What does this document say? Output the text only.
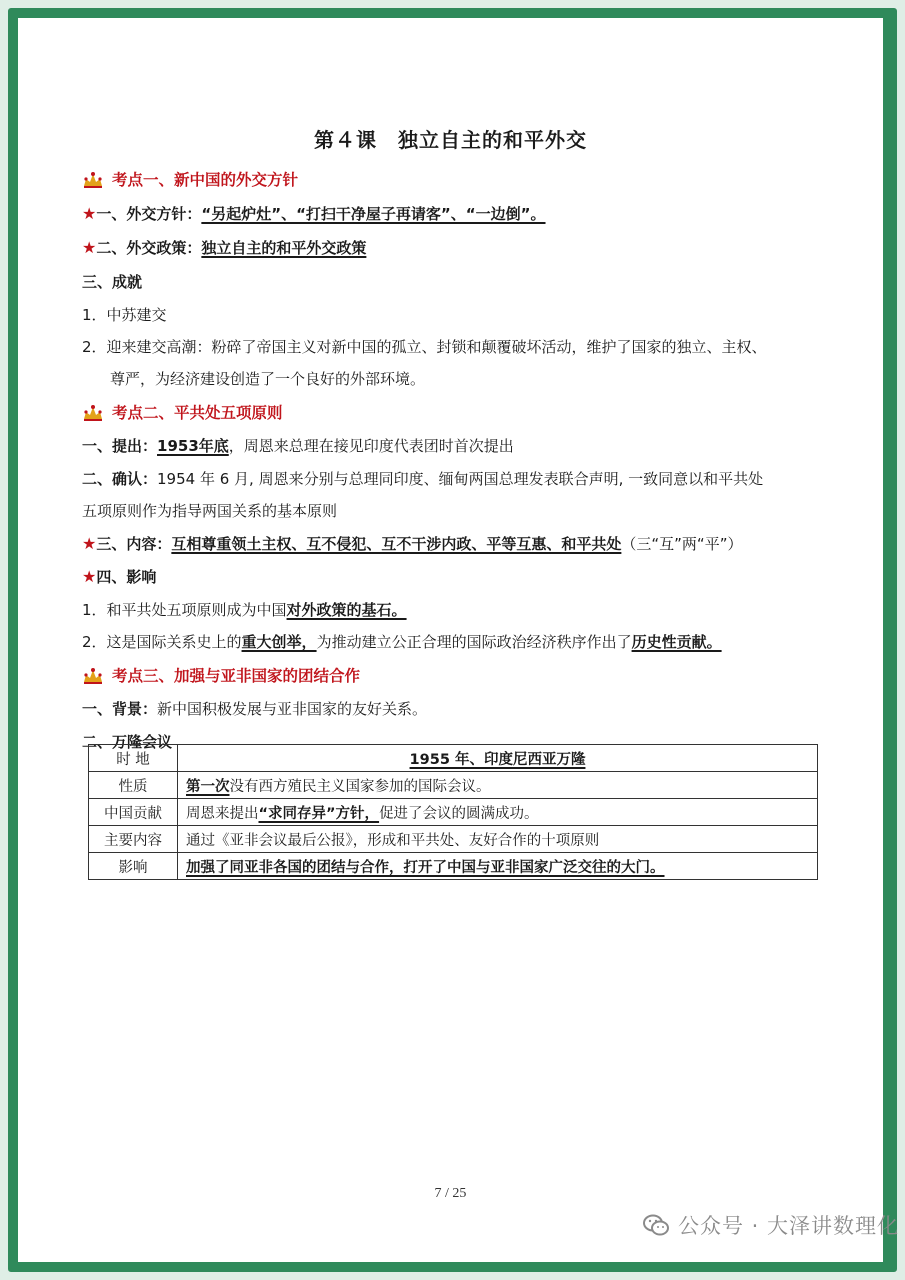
第４课　独立自主的和平外交
考点一、新中国的外交方针
★一、外交方针：“另起炉灶”、“打扫干净屋子再请客”、“一边倒”。
★二、外交政策：独立自主的和平外交政策
三、成就
1．中苏建交
2．迎来建交高潮：粉碎了帝国主义对新中国的孤立、封锁和颠覆破坏活动，维护了国家的独立、主权、
尊严，为经济建设创造了一个良好的外部环境。
考点二、平共处五项原则
一、提出：1953年底，周恩来总理在接见印度代表团时首次提出
二、确认：1954 年 6 月, 周恩来分别与总理同印度、缅甸两国总理发表联合声明, 一致同意以和平共处
五项原则作为指导两国关系的基本原则
★三、内容：互相尊重领土主权、互不侵犯、互不干涉内政、平等互惠、和平共处（三“互”两“平”）
★四、影响
1．和平共处五项原则成为中国对外政策的基石。
2．这是国际关系史上的重大创举，为推动建立公正合理的国际政治经济秩序作出了历史性贡献。
考点三、加强与亚非国家的团结合作
一、背景：新中国积极发展与亚非国家的友好关系。
二、万隆会议
时 地	1955 年、印度尼西亚万隆
性质	第一次没有西方殖民主义国家参加的国际会议。
中国贡献	周恩来提出“求同存异”方针，促进了会议的圆满成功。
主要内容	通过《亚非会议最后公报》，形成和平共处、友好合作的十项原则
影响	加强了同亚非各国的团结与合作，打开了中国与亚非国家广泛交往的大门。
7 / 25
公众号 · 大泽讲数理化
